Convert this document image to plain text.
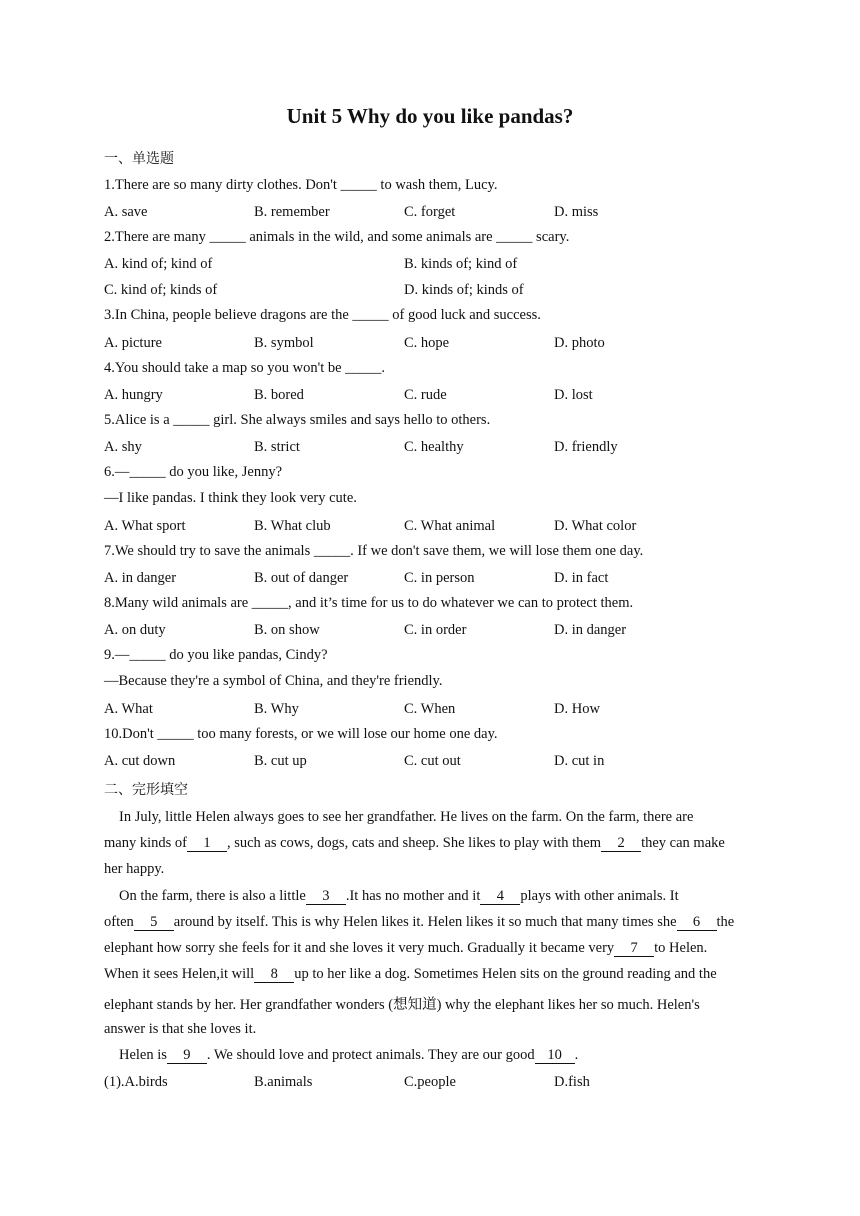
Unit 5 Why do you like pandas?
一、单选题
1.There are so many dirty clothes. Don't _____ to wash them, Lucy.
A. save	B. remember	C. forget	D. miss
2.There are many _____ animals in the wild, and some animals are _____ scary.
A. kind of; kind of	B. kinds of; kind of
C. kind of; kinds of	D. kinds of; kinds of
3.In China, people believe dragons are the _____ of good luck and success.
A. picture	B. symbol	C. hope	D. photo
4.You should take a map so you won't be _____.
A. hungry	B. bored	C. rude	D. lost
5.Alice is a _____ girl. She always smiles and says hello to others.
A. shy	B. strict	C. healthy	D. friendly
6.—_____ do you like, Jenny?
—I like pandas. I think they look very cute.
A. What sport	B. What club	C. What animal	D. What color
7.We should try to save the animals _____. If we don't save them, we will lose them one day.
A. in danger	B. out of danger	C. in person	D. in fact
8.Many wild animals are _____, and it’s time for us to do whatever we can to protect them.
A. on duty	B. on show	C. in order	D. in danger
9.—_____ do you like pandas, Cindy?
—Because they're a symbol of China, and they're friendly.
A. What	B. Why	C. When	D. How
10.Don't _____ too many forests, or we will lose our home one day.
A. cut down	B. cut up	C. cut out	D. cut in
二、完形填空

In July, little Helen always goes to see her grandfather. He lives on the farm. On the farm, there are

many kinds of 1 , such as cows, dogs, cats and sheep. She likes to play with them 2 they can make

her happy.

On the farm, there is also a little 3 .It has no mother and it 4 plays with other animals. It

often 5 around by itself. This is why Helen likes it. Helen likes it so much that many times she 6 the

elephant how sorry she feels for it and she loves it very much. Gradually it became very 7 to Helen.

When it sees Helen,it will 8 up to her like a dog. Sometimes Helen sits on the ground reading and the

elephant stands by her. Her grandfather wonders (想知道) why the elephant likes her so much. Helen's

answer is that she loves it.

Helen is 9 . We should love and protect animals. They are our good 10 .

(1).A.birds	B.animals	C.people	D.fish
